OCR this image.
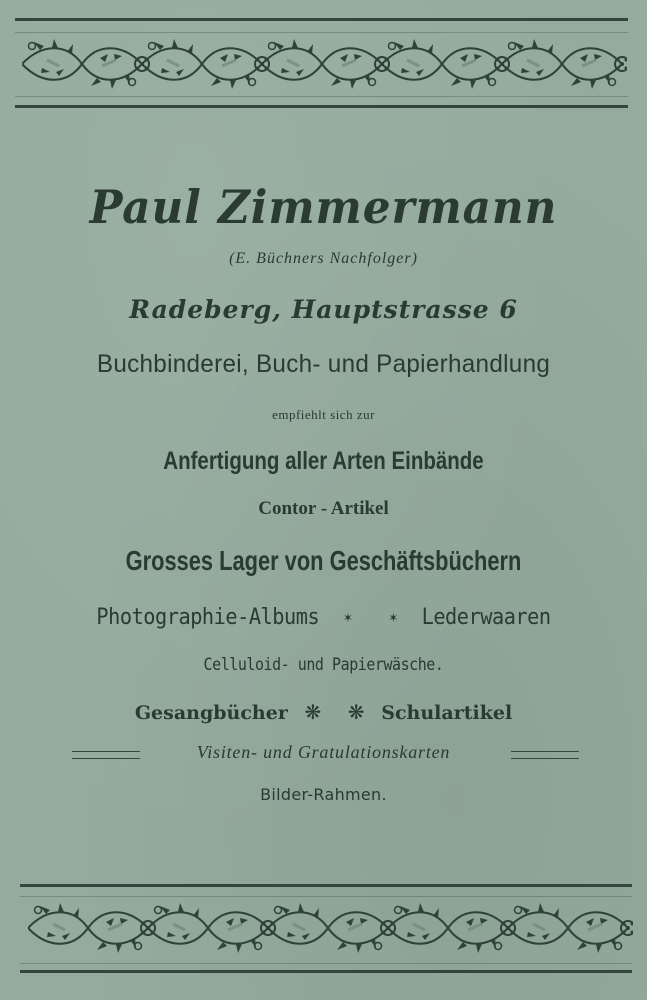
Paul Zimmermann
(E. Büchners Nachfolger)
Radeberg, Hauptstrasse 6
Buchbinderei, Buch- und Papierhandlung
empfiehlt sich zur
Anfertigung aller Arten Einbände
Contor - Artikel
Grosses Lager von Geschäftsbüchern
Photographie-Albums ✶ ✶ Lederwaaren
Celluloid- und Papierwäsche.
Gesangbücher ❋ ❋ Schulartikel
Visiten- und Gratulationskarten
Bilder-Rahmen.
